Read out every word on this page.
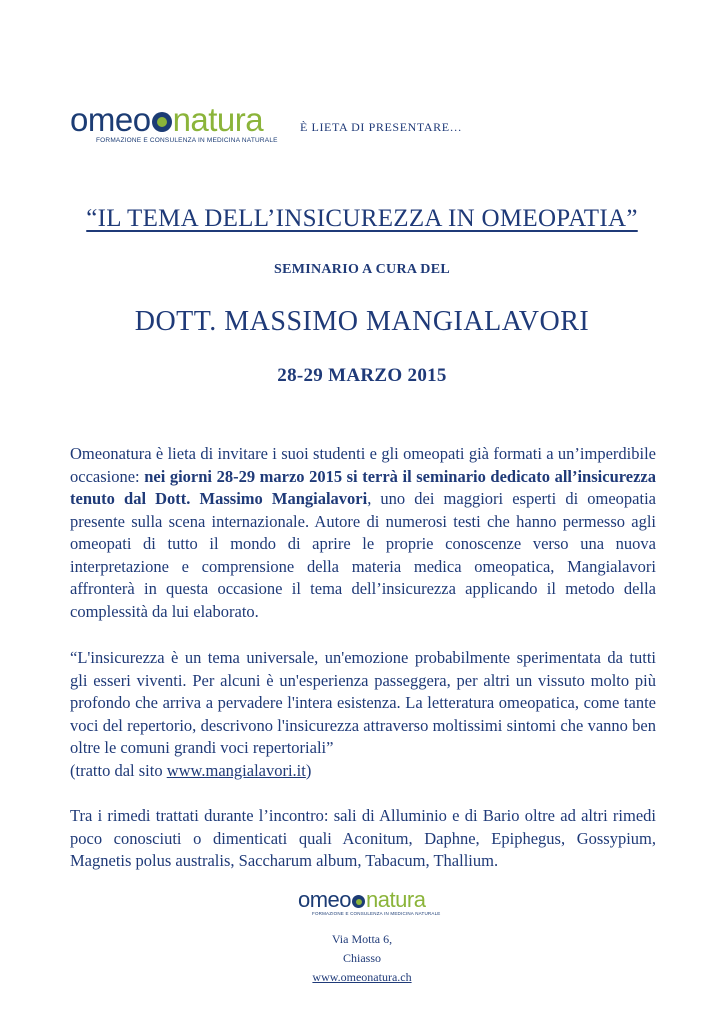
omeo natura
FORMAZIONE E CONSULENZA IN MEDICINA NATURALE
È LIETA DI PRESENTARE…
“IL TEMA DELL’INSICUREZZA IN OMEOPATIA”
SEMINARIO A CURA DEL
DOTT. MASSIMO MANGIALAVORI
28-29 MARZO 2015
Omeonatura è lieta di invitare i suoi studenti e gli omeopati già formati a un’imperdibile occasione: nei giorni 28-29 marzo 2015 si terrà il seminario dedicato all’insicurezza tenuto dal Dott. Massimo Mangialavori, uno dei maggiori esperti di omeopatia presente sulla scena internazionale. Autore di numerosi testi che hanno permesso agli omeopati di tutto il mondo di aprire le proprie conoscenze verso una nuova interpretazione e comprensione della materia medica omeopatica, Mangialavori affronterà in questa occasione il tema dell’insicurezza applicando il metodo della complessità da lui elaborato.
“L'insicurezza è un tema universale, un'emozione probabilmente sperimentata da tutti gli esseri viventi. Per alcuni è un'esperienza passeggera, per altri un vissuto molto più profondo che arriva a pervadere l'intera esistenza. La letteratura omeopatica, come tante voci del repertorio, descrivono l'insicurezza attraverso moltissimi sintomi che vanno ben oltre le comuni grandi voci repertoriali”
(tratto dal sito www.mangialavori.it)
Tra i rimedi trattati durante l’incontro: sali di Alluminio e di Bario oltre ad altri rimedi poco conosciuti o dimenticati quali Aconitum, Daphne, Epiphegus, Gossypium, Magnetis polus australis, Saccharum album, Tabacum, Thallium.
omeo natura
FORMAZIONE E CONSULENZA IN MEDICINA NATURALE
Via Motta 6,
Chiasso
www.omeonatura.ch
